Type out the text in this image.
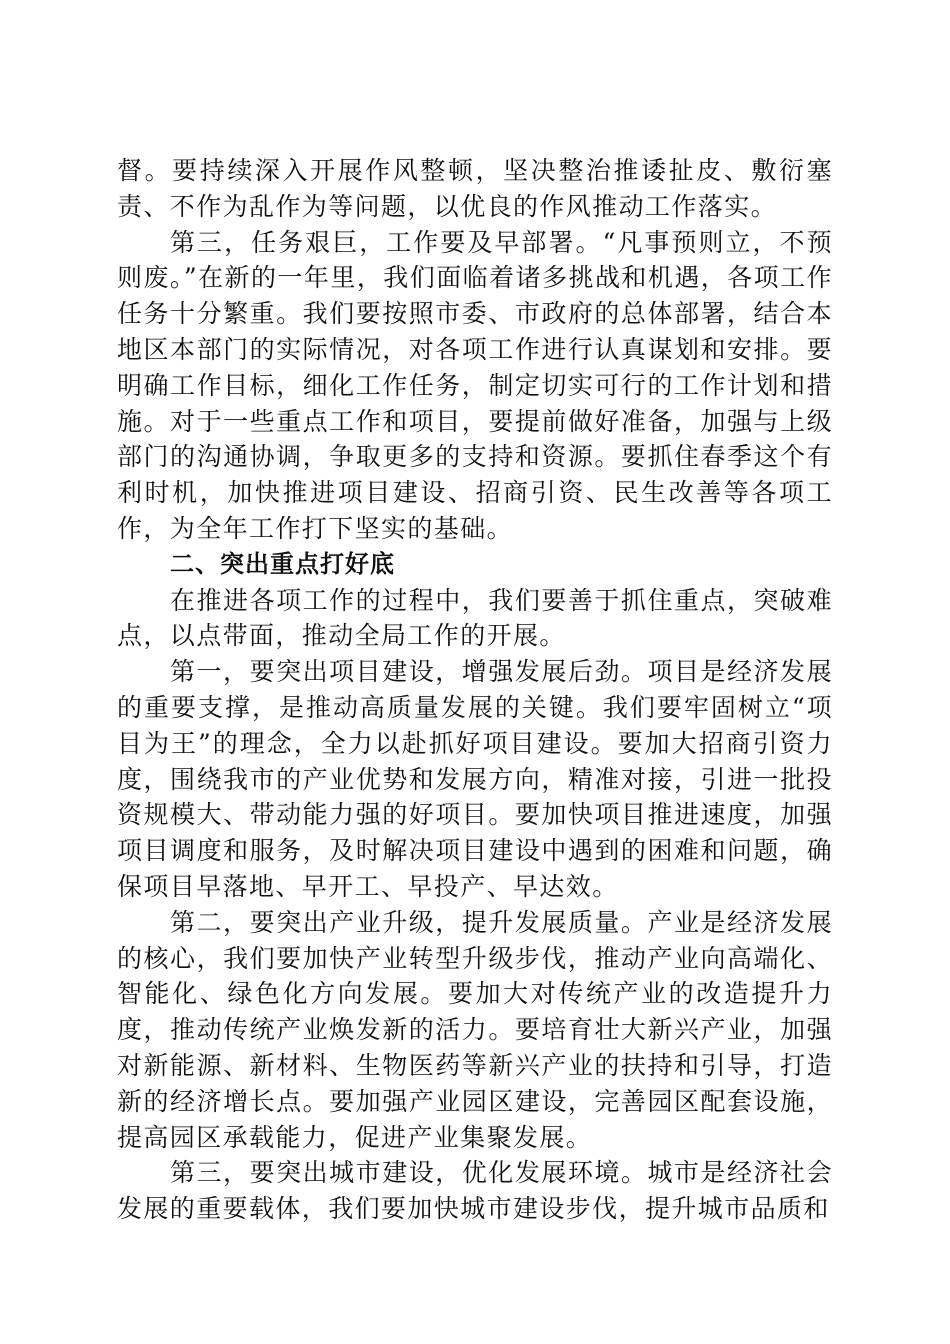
督。要持续深入开展作风整顿，坚决整治推诿扯皮、敷衍塞责、不作为乱作为等问题，以优良的作风推动工作落实。

第三，任务艰巨，工作要及早部署。“凡事预则立，不预则废。”在新的一年里，我们面临着诸多挑战和机遇，各项工作任务十分繁重。我们要按照市委、市政府的总体部署，结合本地区本部门的实际情况，对各项工作进行认真谋划和安排。要明确工作目标，细化工作任务，制定切实可行的工作计划和措施。对于一些重点工作和项目，要提前做好准备，加强与上级部门的沟通协调，争取更多的支持和资源。要抓住春季这个有利时机，加快推进项目建设、招商引资、民生改善等各项工作，为全年工作打下坚实的基础。

二、突出重点打好底

在推进各项工作的过程中，我们要善于抓住重点，突破难点，以点带面，推动全局工作的开展。

第一，要突出项目建设，增强发展后劲。项目是经济发展的重要支撑，是推动高质量发展的关键。我们要牢固树立“项目为王”的理念，全力以赴抓好项目建设。要加大招商引资力度，围绕我市的产业优势和发展方向，精准对接，引进一批投资规模大、带动能力强的好项目。要加快项目推进速度，加强项目调度和服务，及时解决项目建设中遇到的困难和问题，确保项目早落地、早开工、早投产、早达效。

第二，要突出产业升级，提升发展质量。产业是经济发展的核心，我们要加快产业转型升级步伐，推动产业向高端化、智能化、绿色化方向发展。要加大对传统产业的改造提升力度，推动传统产业焕发新的活力。要培育壮大新兴产业，加强对新能源、新材料、生物医药等新兴产业的扶持和引导，打造新的经济增长点。要加强产业园区建设，完善园区配套设施，提高园区承载能力，促进产业集聚发展。

第三，要突出城市建设，优化发展环境。城市是经济社会发展的重要载体，我们要加快城市建设步伐，提升城市品质和
